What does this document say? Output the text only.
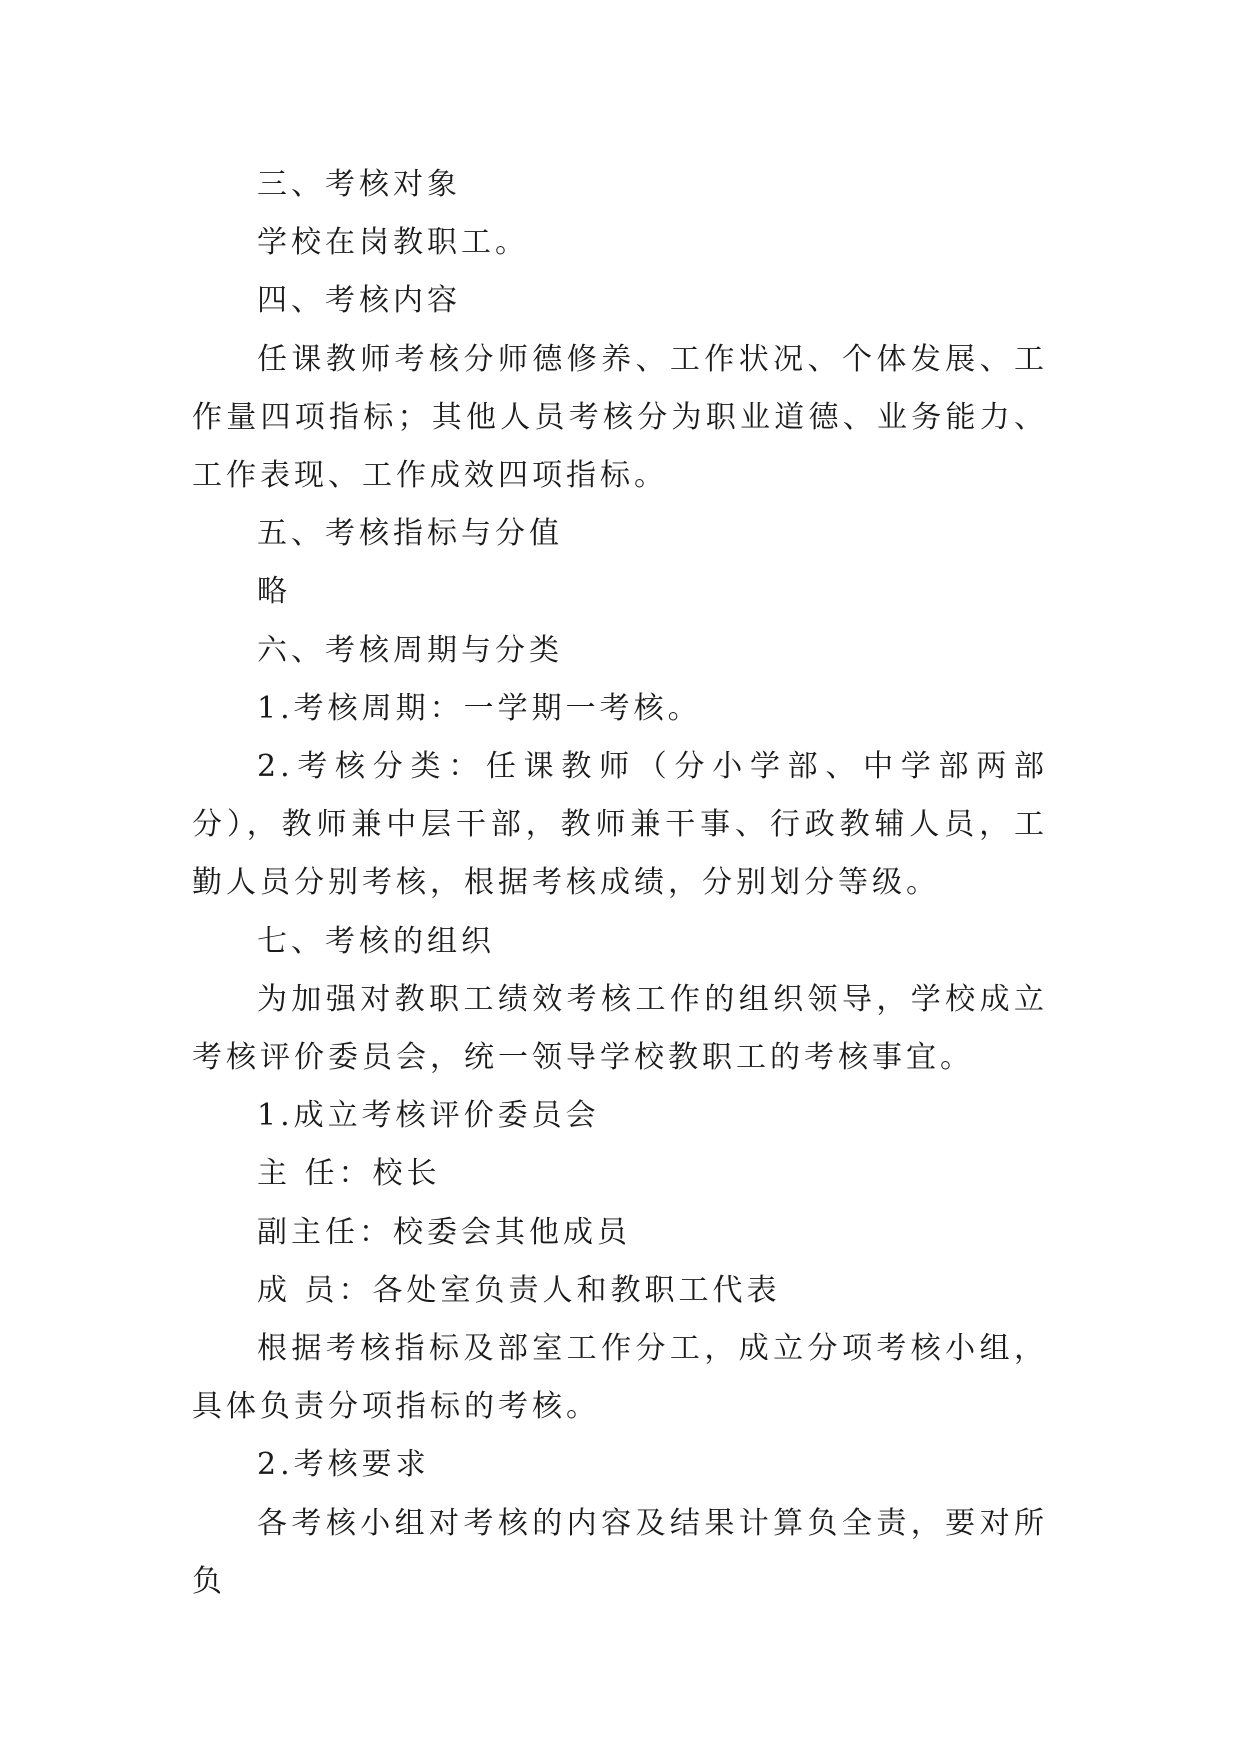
三、考核对象

学校在岗教职工。

四、考核内容

任课教师考核分师德修养、工作状况、个体发展、工作量四项指标；其他人员考核分为职业道德、业务能力、工作表现、工作成效四项指标。

五、考核指标与分值

略

六、考核周期与分类

1.考核周期：一学期一考核。

2.考核分类：任课教师（分小学部、中学部两部分），教师兼中层干部，教师兼干事、行政教辅人员，工勤人员分别考核，根据考核成绩，分别划分等级。

七、考核的组织

为加强对教职工绩效考核工作的组织领导，学校成立考核评价委员会，统一领导学校教职工的考核事宜。

1.成立考核评价委员会

主 任：校长

副主任：校委会其他成员

成 员：各处室负责人和教职工代表

根据考核指标及部室工作分工，成立分项考核小组，具体负责分项指标的考核。

2.考核要求

各考核小组对考核的内容及结果计算负全责，要对所负
